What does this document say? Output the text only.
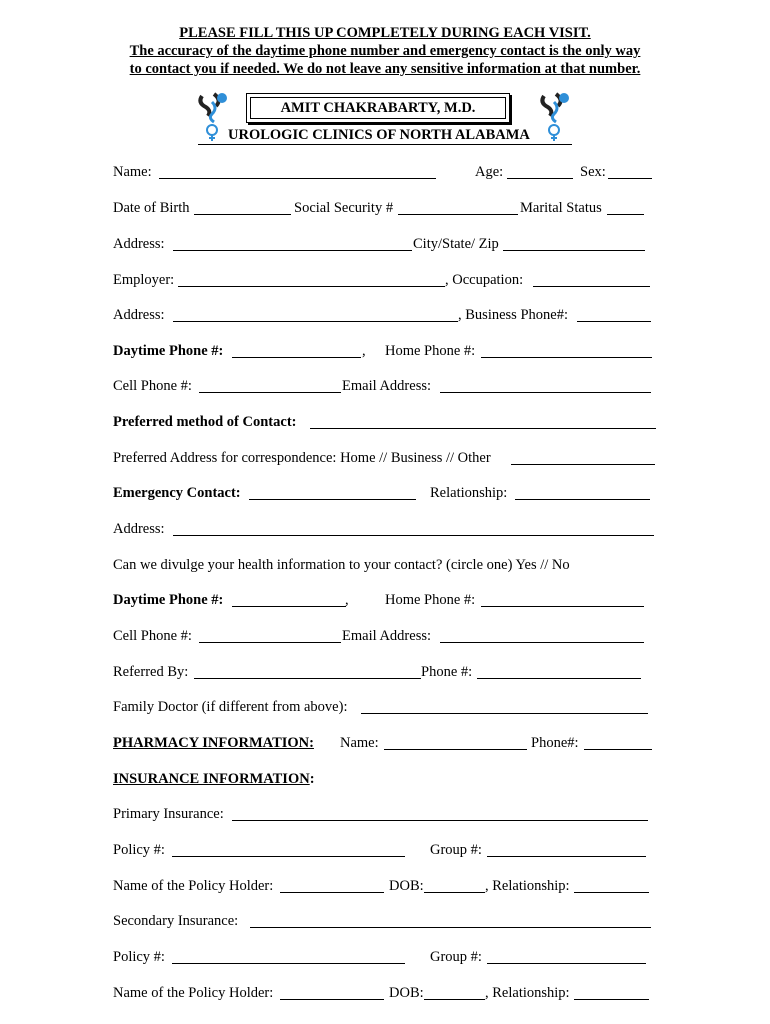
PLEASE FILL THIS UP COMPLETELY DURING EACH VISIT.
The accuracy of the daytime phone number and emergency contact is the only way
to contact you if needed. We do not leave any sensitive information at that number.
AMIT CHAKRABARTY, M.D.
UROLOGIC CLINICS OF NORTH ALABAMA
Name:	Age:	Sex:
Date of Birth	Social Security #	Marital Status
Address:	City/State/ Zip
Employer:	, Occupation:
Address:	, Business Phone#:
Daytime Phone #:	, Home Phone #:
Cell Phone #:	Email Address:
Preferred method of Contact:
Preferred Address for correspondence: Home // Business // Other
Emergency Contact:	Relationship:
Address:
Can we divulge your health information to your contact? (circle one) Yes // No
Daytime Phone #:	,	Home Phone #:
Cell Phone #:	Email Address:
Referred By:	Phone #:
Family Doctor (if different from above):
PHARMACY INFORMATION: Name:	Phone#:
INSURANCE INFORMATION:
Primary Insurance:
Policy #:	Group #:
Name of the Policy Holder:	DOB:	, Relationship:
Secondary Insurance:
Policy #:	Group #:
Name of the Policy Holder:	DOB:	, Relationship:
